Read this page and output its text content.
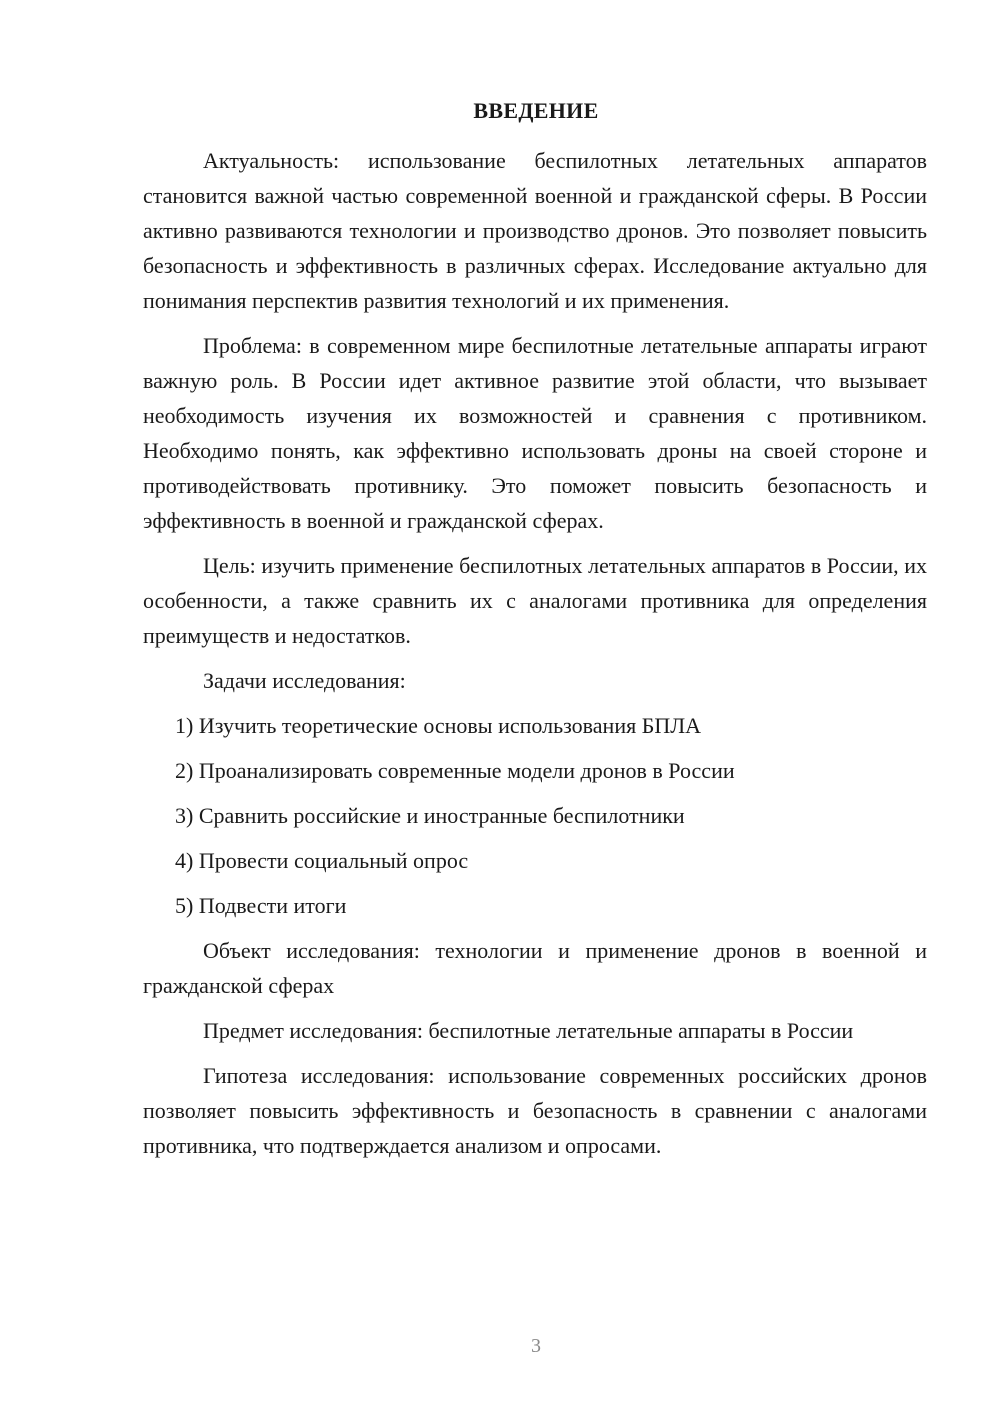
ВВЕДЕНИЕ

Актуальность: использование беспилотных летательных аппаратов становится важной частью современной военной и гражданской сферы. В России активно развиваются технологии и производство дронов. Это позволяет повысить безопасность и эффективность в различных сферах. Исследование актуально для понимания перспектив развития технологий и их применения.

Проблема: в современном мире беспилотные летательные аппараты играют важную роль. В России идет активное развитие этой области, что вызывает необходимость изучения их возможностей и сравнения с противником. Необходимо понять, как эффективно использовать дроны на своей стороне и противодействовать противнику. Это поможет повысить безопасность и эффективность в военной и гражданской сферах.

Цель: изучить применение беспилотных летательных аппаратов в России, их особенности, а также сравнить их с аналогами противника для определения преимуществ и недостатков.

Задачи исследования:

1) Изучить теоретические основы использования БПЛА

2) Проанализировать современные модели дронов в России

3) Сравнить российские и иностранные беспилотники

4) Провести социальный опрос

5) Подвести итоги

Объект исследования: технологии и применение дронов в военной и гражданской сферах

Предмет исследования: беспилотные летательные аппараты в России

Гипотеза исследования: использование современных российских дронов позволяет повысить эффективность и безопасность в сравнении с аналогами противника, что подтверждается анализом и опросами.

3
